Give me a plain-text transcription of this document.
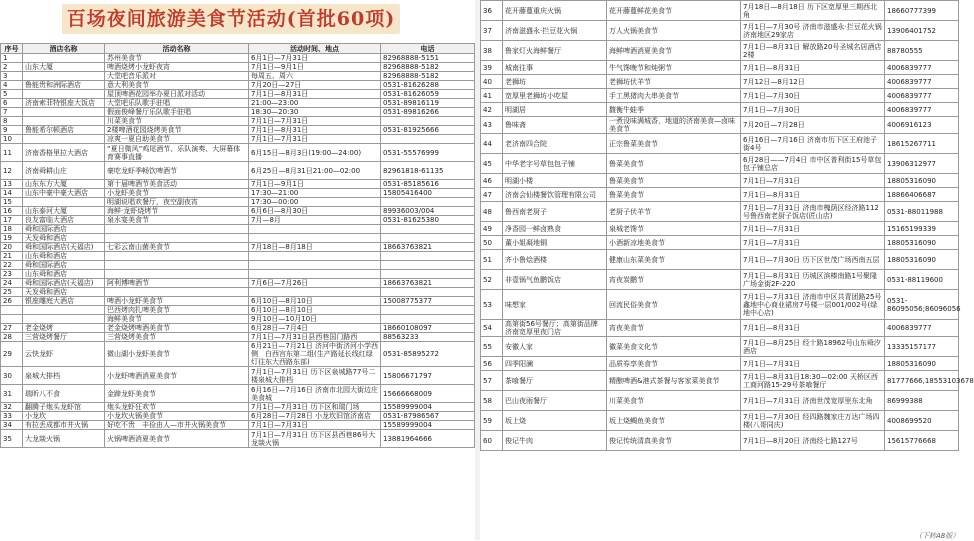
百场夜间旅游美食节活动(首批60项)
序号	酒店名称	活动名称	活动时间、地点	电话
1		苏州美食节	6月1日—7月31日	82968888-5151
2	山东大厦	啤酒烧烤小龙虾夜宵	7月1日—9月1日	82968888-5182
3		大堂吧音乐派对	每周五、周六	82968888-5182
4	鲁能贵和洲际酒店	意大利美食节	7月20日—27日	0531-81626288
5		屋顶啤酒花园举办夏日派对活动	7月1日—8月31日	0531-81626059
6	济南索菲特银座大饭店	大堂吧乐队歌手驻唱	21:00—23:00	0531-89816119
7		假面俊峰餐厅乐队歌手驻唱	18:30—20:30	0531-89816266
8		川菜美食节	7月1日—7月31日	
9	鲁能希尔顿酒店	2楼啤酒花园烧烤美食节	7月1日—8月31日	0531-81925666
10		凉爽一夏自助美食节	7月1日—7月31日	
11	济南香格里拉大酒店	“夏日微风”鸡尾酒节、乐队演奏、大屏幕体育赛事直播	6月15日—8月3日(19:00—24:00)	0531-55576999
12	济南舜耕山庄	豪吃龙虾季畅饮啤酒节	6月25日—8月31日21:00—02:00	82961818-61135
13	山东东方大厦	第十届啤酒节美食活动	7月1日—9月1日	0531-85185616
14	山东中豪中豪大酒店	小龙虾美食节	17:30—21:00	15805416400
15		明湖说唱欢餐厅，夜空副夜宵	17:30—00:00	
16	山东泰河大厦	海鲜·龙虾烧烤节	6月6日—8月30日	89936003/004
17	良友富临大酒店	泉水宴美食节	7月—8月	0531-81625380
18	舜和国际酒店			
19	天发舜和酒店			
20	舜和国际酒店(天福店)	七彩云南山菌美食节	7月18日—8月18日	18663763821
21	山东舜和酒店			
22	舜和国际酒店			
23	山东舜和酒店			
24	舜和国际酒店(天福店)	阿利博啤酒节	7月6日—7月26日	18663763821
25	天发舜和酒店			
26	银座雕庭大酒店	啤酒小龙虾美食节	6月10日—8月10日	15008775377
		巴西烤肉扎啤美食节	6月10日—8月10日	
		海鲜美食节	9月10日—10月10日	
27	老金烧烤	老金烧烤啤酒美食节	6月28日—7月4日	18660108097
28	三营烧烤餐厅	三营烧烤美食节	7月1日—7月31日县西巷国门路西	88563233
29	云快龙虾	微山湖小龙虾美食节	6月21日—7月21日 济河中街济河小学西侧　白西宫东第二组(生产路延长线红绿灯往东大西路东部)	0531-85895272
30	泉城大排档	小龙虾啤酒消夏美食节	7月1日—7月31日 历下区泉城路77号二楼泉城大排档	15806671797
31	瑞昕八不食	金蹄龙虾美食节	6月16日—7月16日 济南市北园大街边庄美食城	15666668009
32	翻腾子炮头龙虾馆	炮头龙虾狂欢节	7月1日—7月31日 历下区和瑞门场	15589999004
33	小龙坎	小龙坎火锅美食节	6月28日—7月28日 小龙坎旧馆济南店	0531-87986567
34	有拉丢成都市井火锅	好吃不贵　丰俭由人—市井火锅美食节	7月1日—7月31日	15589999004
35	大龙燚火锅	火锅啤酒消夏美食节	7月1日—7月31日 历下区县西巷86号大龙燚火锅	13881964666
36	花开藤蔓重庆火锅	花开藤蔓鲜花美食节	7月18日—8月18日 历下区宽厚里三期西北角	18660777399
37	济南滋盛永·拦豆花火锅	万人火锅美食节	7月1日—7月30号 济南市滋盛永·拦豆花火锅济南地区29家店	13906401752
38	鲁家灯火海鲜餐厅	海鲜啤酒消夏美食节	7月1日—8月31日 解放路20号圣城名居酒店2楼	88780555
39	城南往事	牛气馋晚节和炖粥节	7月1日—8月31日	4006839777
40	老狮坊	老狮坊伏羊节	7月12日—8月12日	4006839777
41	宽厚里老狮坊小吃屋	手工黑猪肉大串美食节	7月1日—7月30日	4006839777
42	明湖居	馥衡牛蛙季	7月1日—7月30日	4006839777
43	鲁味斋	一煮没味满城香，地道的济南美食—卤味美食节	7月20日—7月28日	4006916123
44	老济南四合院	正宗鲁菜美食节	6月16日—7月16日 济南市历下区王府池子街4号	18615267711
45	中华老字号草包包子铺	鲁菜美食节	6月28日——7月4日 市中区普利街15号草包包子铺总店	13906312977
46	明湖小楼	鲁菜美食节	7月1日—7月31日	18805316090
47	济南会仙楼餐饮管理有限公司	鲁菜美食节	7月1日—8月31日	18866406687
48	鲁西南老厨子	老厨子伏羊节	7月1日—7月31日 济南市槐荫区经济路112号鲁西南老厨子饭店(匠山店)	0531-88011988
49	净香园一鲜卤熟食	泉城老馋节	7月1日—7月31日	15165199339
50	董小姐凝地铜	小酒新凉地美食节	7月1日—7月31日	18805316090
51	齐小鲁烩酒楼	健康山东菜美食节	7月1日—7月30日 历下区世茂广场西南五层	18805316090
52	非壹锅气鱼鹏饭店	宵夜炭鹏节	7月1日—8月31日 历城区滨榛南路1号聚隆广场金街2F-220	0531-88119600
53	味想家	回流民俗美食节	7月1日—7月31日 济南市中区共青团路25号鑫地中心商业裙房7号楼一层001/002号(绿地中心店)	0531-86095056;86096056
54	高第街56号餐厅；高第街品牌济南宽厚里夜门店	宵夜美食节	7月1日—8月31日	4006839777
55	安徽人家	徽菜美食文化节	7月1日—8月25日 经十路18962号山东舜汐酒店	13335157177
56	四季阳澜	品质券享美食节	7月1日—7月31日	18805316090
57	茶喰餐厅	精酿啤酒&港式茶餐与客家菜美食节	7月1日—8月31日18:30—02:00 天桥区西工商河路15-29号茶喰餐厅	81777666,18553103678
58	巴山夜雨餐厅	川菜美食节	7月1日—7月31日 济南世茂宽厚里东北角	86999388
59	坂上烧	坂上烧鲷鱼美食节	7月1日—7月30日 经四路魏家庄万达广场四楼(八哥同庆)	4008699520
60	俊记牛肉	俊记传统清真美食节	7月1日—8月20日 济南经七路127号	15615776668
（下转A8版）
